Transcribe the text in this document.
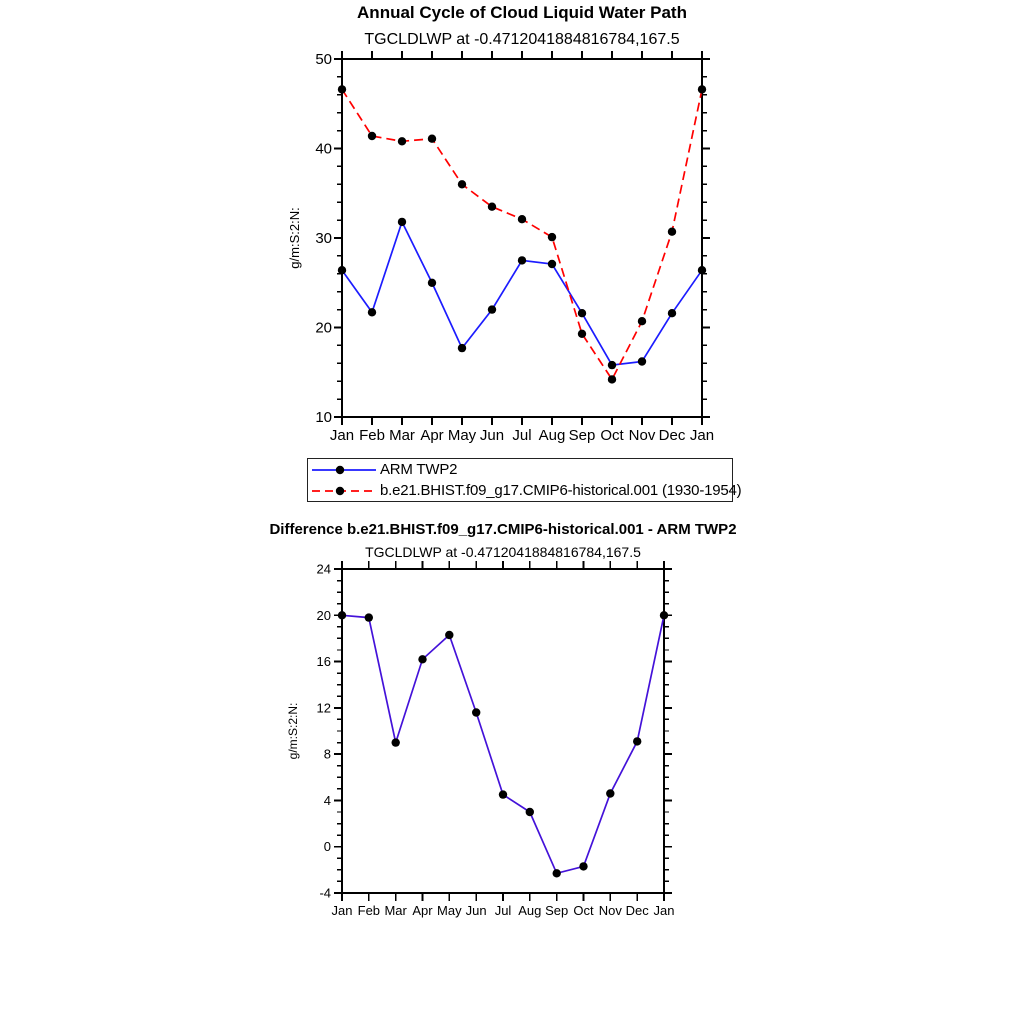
Annual Cycle of Cloud Liquid Water Path
TGCLDLWP at -0.4712041884816784,167.5
Jan Feb Mar Apr May Jun Jul Aug Sep Oct Nov Dec Jan
10
20
30
40
50
g/m:S:2:N:
Jan Feb Mar Apr May Jun Jul Aug Sep Oct Nov Dec Jan
-4
0
4
8
12
16
20
24
g/m:S:2:N:
ARM TWP2
b.e21.BHIST.f09_g17.CMIP6-historical.001 (1930-1954)
Difference b.e21.BHIST.f09_g17.CMIP6-historical.001 - ARM TWP2
TGCLDLWP at -0.4712041884816784,167.5
